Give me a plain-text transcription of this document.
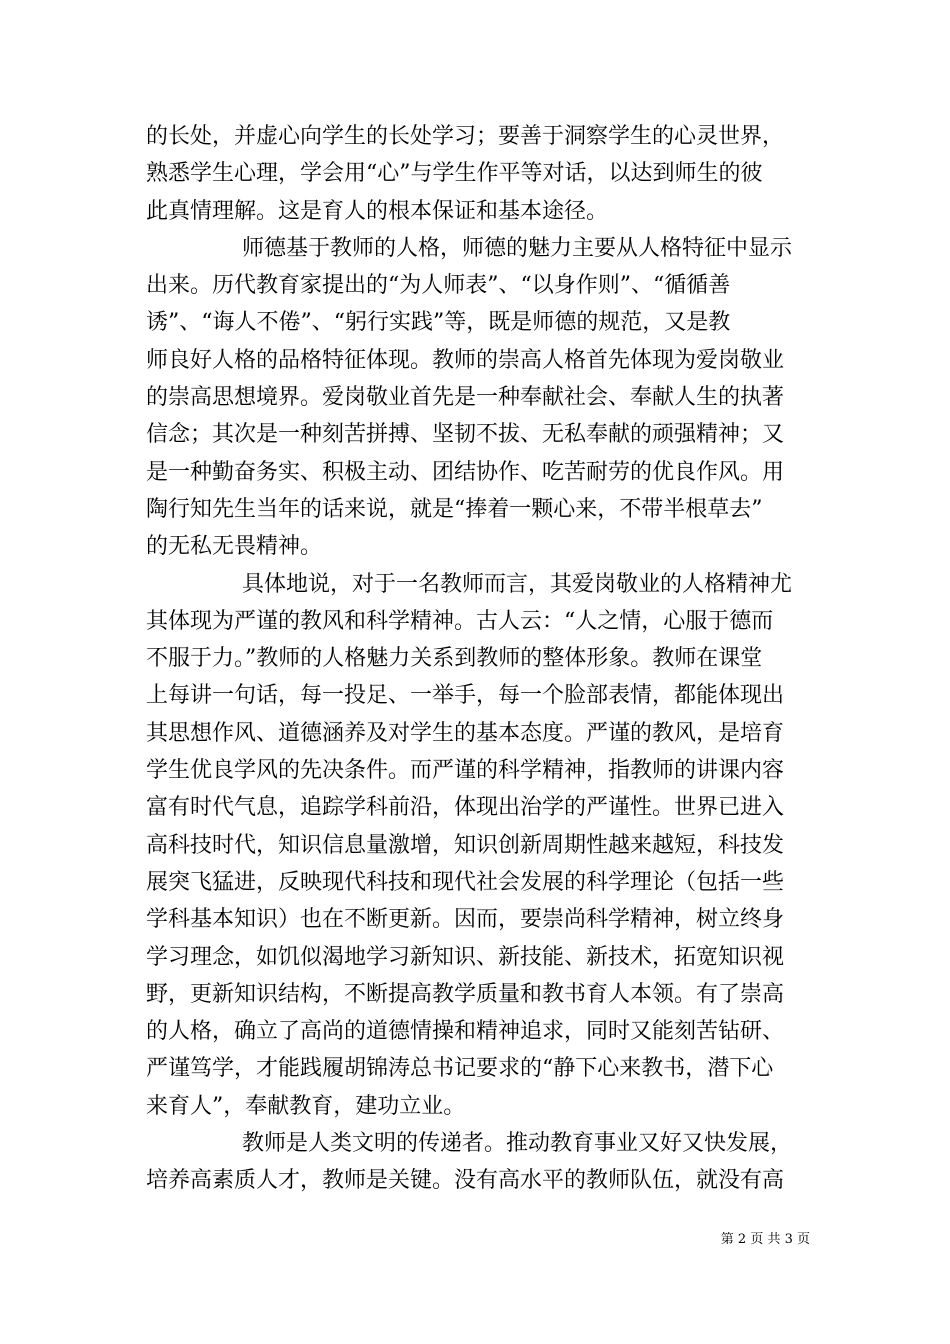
的长处，并虚心向学生的长处学习；要善于洞察学生的心灵世界，
熟悉学生心理，学会用“心”与学生作平等对话，以达到师生的彼
此真情理解。这是育人的根本保证和基本途径。
师德基于教师的人格，师德的魅力主要从人格特征中显示
出来。历代教育家提出的“为人师表”、“以身作则”、“循循善
诱”、“诲人不倦”、“躬行实践”等，既是师德的规范，又是教
师良好人格的品格特征体现。教师的崇高人格首先体现为爱岗敬业
的崇高思想境界。爱岗敬业首先是一种奉献社会、奉献人生的执著
信念；其次是一种刻苦拼搏、坚韧不拔、无私奉献的顽强精神；又
是一种勤奋务实、积极主动、团结协作、吃苦耐劳的优良作风。用
陶行知先生当年的话来说，就是“捧着一颗心来，不带半根草去”
的无私无畏精神。
具体地说，对于一名教师而言，其爱岗敬业的人格精神尤
其体现为严谨的教风和科学精神。古人云：“人之情，心服于德而
不服于力。”教师的人格魅力关系到教师的整体形象。教师在课堂
上每讲一句话，每一投足、一举手，每一个脸部表情，都能体现出
其思想作风、道德涵养及对学生的基本态度。严谨的教风，是培育
学生优良学风的先决条件。而严谨的科学精神，指教师的讲课内容
富有时代气息，追踪学科前沿，体现出治学的严谨性。世界已进入
高科技时代，知识信息量激增，知识创新周期性越来越短，科技发
展突飞猛进，反映现代科技和现代社会发展的科学理论（包括一些
学科基本知识）也在不断更新。因而，要崇尚科学精神，树立终身
学习理念，如饥似渴地学习新知识、新技能、新技术，拓宽知识视
野，更新知识结构，不断提高教学质量和教书育人本领。有了崇高
的人格，确立了高尚的道德情操和精神追求，同时又能刻苦钻研、
严谨笃学，才能践履胡锦涛总书记要求的“静下心来教书，潜下心
来育人”，奉献教育，建功立业。
教师是人类文明的传递者。推动教育事业又好又快发展，
培养高素质人才，教师是关键。没有高水平的教师队伍，就没有高
第 2 页 共 3 页
